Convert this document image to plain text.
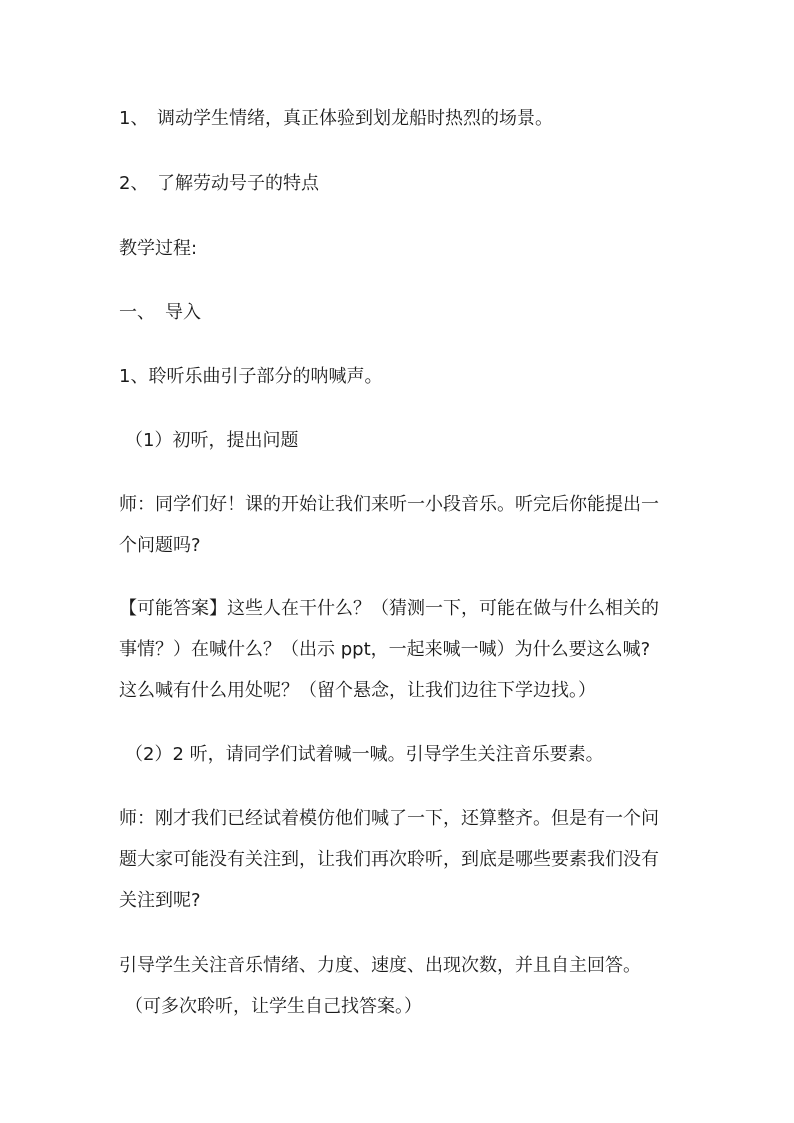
1、 调动学生情绪，真正体验到划龙船时热烈的场景。
2、 了解劳动号子的特点
教学过程:
一、 导入
1、聆听乐曲引子部分的呐喊声。
（1）初听，提出问题
师：同学们好！课的开始让我们来听一小段音乐。听完后你能提出一
个问题吗?
【可能答案】这些人在干什么？（猜测一下，可能在做与什么相关的
事情？）在喊什么？（出示 ppt，一起来喊一喊）为什么要这么喊?
这么喊有什么用处呢？（留个悬念，让我们边往下学边找。）
（2）2 听，请同学们试着喊一喊。引导学生关注音乐要素。
师：刚才我们已经试着模仿他们喊了一下，还算整齐。但是有一个问
题大家可能没有关注到，让我们再次聆听，到底是哪些要素我们没有
关注到呢?
引导学生关注音乐情绪、力度、速度、出现次数，并且自主回答。
（可多次聆听，让学生自己找答案。）
